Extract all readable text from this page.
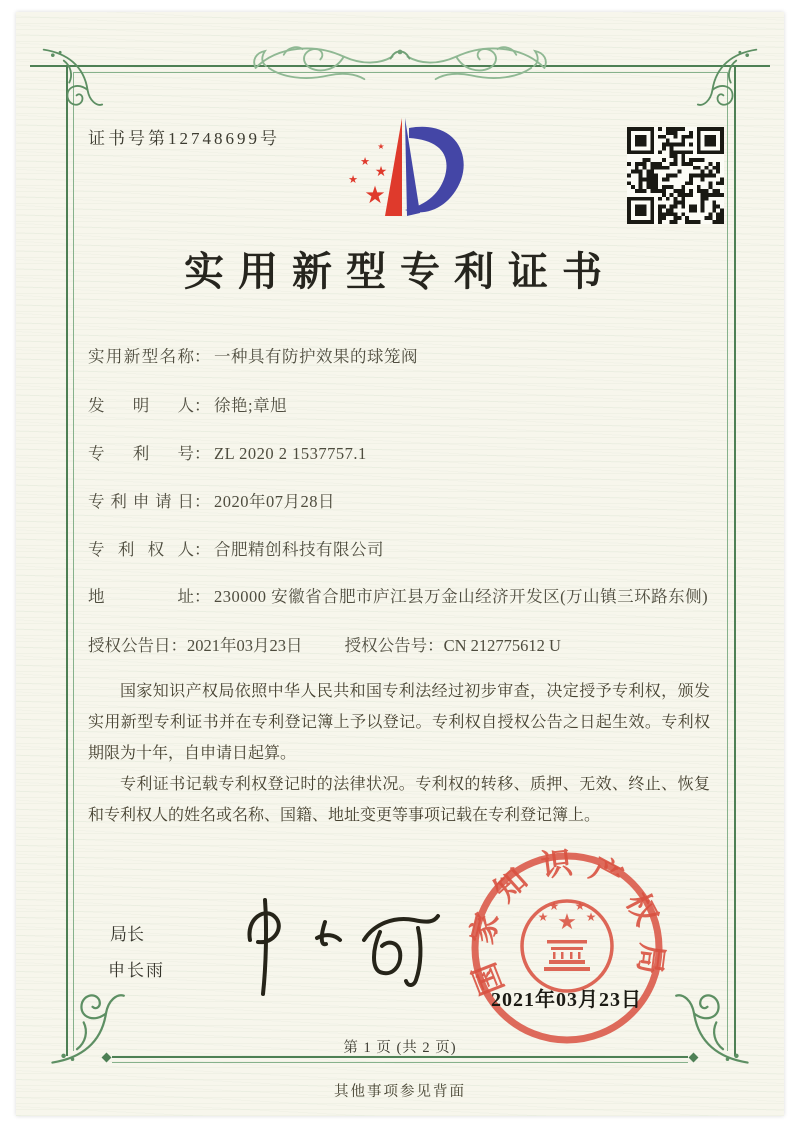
证书号第12748699号
★
★
★
★
★
实用新型专利证书
实用新型名称 ： 一种具有防护效果的球笼阀
发明人 ： 徐艳;章旭
专利号 ： ZL 2020 2 1537757.1
专利申请日 ： 2020年07月28日
专利权人 ： 合肥精创科技有限公司
地址 ： 230000 安徽省合肥市庐江县万金山经济开发区(万山镇三环路东侧)
授权公告日：2021年03月23日	授权公告号：CN 212775612 U

国家知识产权局依照中华人民共和国专利法经过初步审查，决定授予专利权，颁发实用新型专利证书并在专利登记簿上予以登记。专利权自授权公告之日起生效。专利权期限为十年，自申请日起算。

专利证书记载专利权登记时的法律状况。专利权的转移、质押、无效、终止、恢复和专利权人的姓名或名称、国籍、地址变更等事项记载在专利登记簿上。

局长
申长雨	国家知识产权局
★
★
★ ★
★
2021年03月23日
第 1 页 (共 2 页)
其他事项参见背面
